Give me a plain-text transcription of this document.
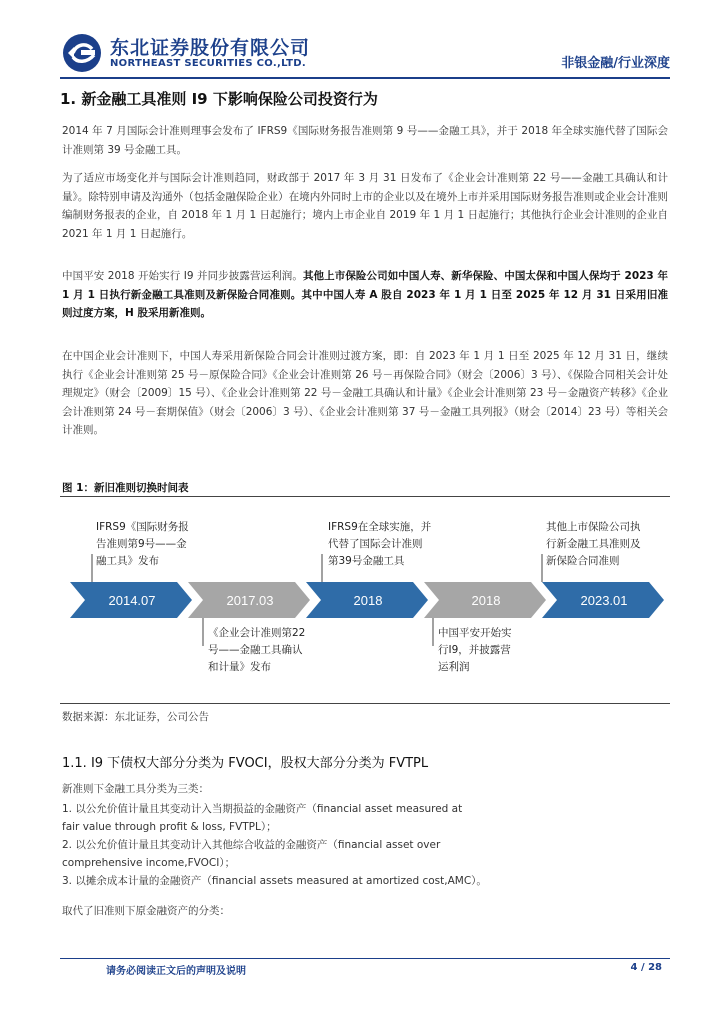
东北证券股份有限公司
NORTHEAST SECURITIES CO.,LTD.	非银金融/行业深度
1. 新金融工具准则 I9 下影响保险公司投资行为
2014 年 7 月国际会计准则理事会发布了 IFRS9《国际财务报告准则第 9 号——金融工具》，并于 2018 年全球实施代替了国际会计准则第 39 号金融工具。
为了适应市场变化并与国际会计准则趋同，财政部于 2017 年 3 月 31 日发布了《企业会计准则第 22 号——金融工具确认和计量》。除特别申请及沟通外（包括金融保险企业）在境内外同时上市的企业以及在境外上市并采用国际财务报告准则或企业会计准则编制财务报表的企业，自 2018 年 1 月 1 日起施行；境内上市企业自 2019 年 1 月 1 日起施行；其他执行企业会计准则的企业自 2021 年 1 月 1 日起施行。
中国平安 2018 开始实行 I9 并同步披露营运利润。其他上市保险公司如中国人寿、新华保险、中国太保和中国人保均于 2023 年 1 月 1 日执行新金融工具准则及新保险合同准则。其中中国人寿 A 股自 2023 年 1 月 1 日至 2025 年 12 月 31 日采用旧准则过度方案，H 股采用新准则。
在中国企业会计准则下，中国人寿采用新保险合同会计准则过渡方案，即：自 2023 年 1 月 1 日至 2025 年 12 月 31 日，继续执行《企业会计准则第 25 号－原保险合同》《企业会计准则第 26 号－再保险合同》（财会〔2006〕3 号）、《保险合同相关会计处理规定》（财会〔2009〕15 号）、《企业会计准则第 22 号－金融工具确认和计量》《企业会计准则第 23 号－金融资产转移》《企业会计准则第 24 号－套期保值》（财会〔2006〕3 号）、《企业会计准则第 37 号－金融工具列报》（财会〔2014〕23 号）等相关会计准则。
图 1：新旧准则切换时间表
2014.07	2017.03	2018	2018	2023.01
IFRS9《国际财务报
告准则第9号——金
融工具》发布
《企业会计准则第22
号——金融工具确认
和计量》发布
IFRS9在全球实施，并
代替了国际会计准则
第39号金融工具
中国平安开始实
行I9，并披露营
运利润
其他上市保险公司执
行新金融工具准则及
新保险合同准则
数据来源：东北证券，公司公告
1.1. I9 下债权大部分分类为 FVOCI，股权大部分分类为 FVTPL
新准则下金融工具分类为三类：
1. 以公允价值计量且其变动计入当期损益的金融资产（financial asset measured at
fair value through profit & loss, FVTPL）；
2. 以公允价值计量且其变动计入其他综合收益的金融资产（financial asset over
comprehensive income,FVOCI）；
3. 以摊余成本计量的金融资产（financial assets measured at amortized cost,AMC）。
取代了旧准则下原金融资产的分类：
请务必阅读正文后的声明及说明	4 / 28
